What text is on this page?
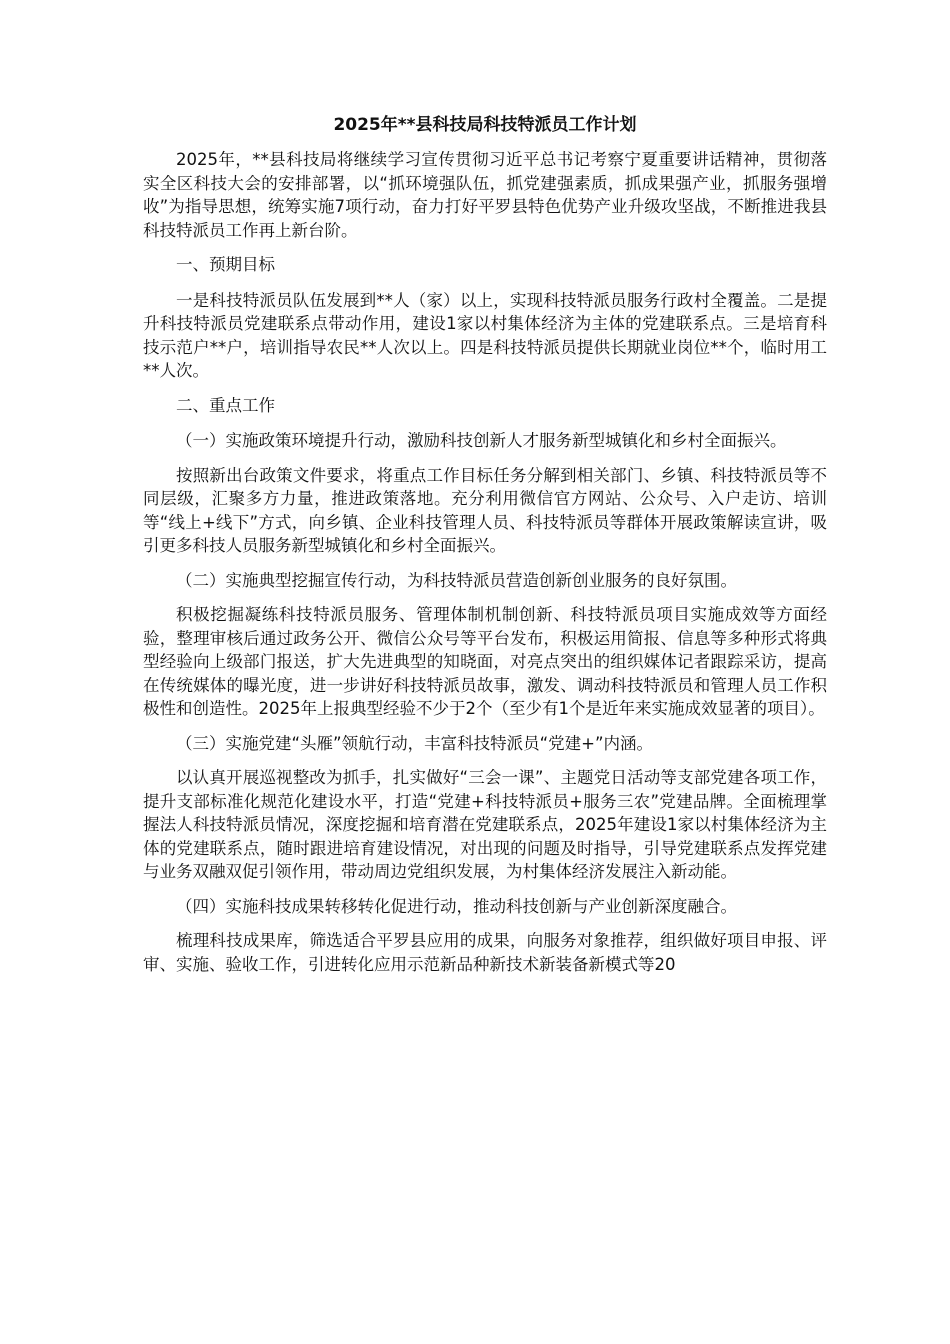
2025年**县科技局科技特派员工作计划

2025年，**县科技局将继续学习宣传贯彻习近平总书记考察宁夏重要讲话精神，贯彻落实全区科技大会的安排部署，以“抓环境强队伍，抓党建强素质，抓成果强产业，抓服务强增收”为指导思想，统筹实施7项行动，奋力打好平罗县特色优势产业升级攻坚战，不断推进我县科技特派员工作再上新台阶。

一、预期目标

一是科技特派员队伍发展到**人（家）以上，实现科技特派员服务行政村全覆盖。二是提升科技特派员党建联系点带动作用，建设1家以村集体经济为主体的党建联系点。三是培育科技示范户**户，培训指导农民**人次以上。四是科技特派员提供长期就业岗位**个，临时用工**人次。

二、重点工作

（一）实施政策环境提升行动，激励科技创新人才服务新型城镇化和乡村全面振兴。

按照新出台政策文件要求，将重点工作目标任务分解到相关部门、乡镇、科技特派员等不同层级，汇聚多方力量，推进政策落地。充分利用微信官方网站、公众号、入户走访、培训等“线上+线下”方式，向乡镇、企业科技管理人员、科技特派员等群体开展政策解读宣讲，吸引更多科技人员服务新型城镇化和乡村全面振兴。

（二）实施典型挖掘宣传行动，为科技特派员营造创新创业服务的良好氛围。

积极挖掘凝练科技特派员服务、管理体制机制创新、科技特派员项目实施成效等方面经验，整理审核后通过政务公开、微信公众号等平台发布，积极运用简报、信息等多种形式将典型经验向上级部门报送，扩大先进典型的知晓面，对亮点突出的组织媒体记者跟踪采访，提高在传统媒体的曝光度，进一步讲好科技特派员故事，激发、调动科技特派员和管理人员工作积极性和创造性。2025年上报典型经验不少于2个（至少有1个是近年来实施成效显著的项目）。

（三）实施党建“头雁”领航行动，丰富科技特派员“党建+”内涵。

以认真开展巡视整改为抓手，扎实做好“三会一课”、主题党日活动等支部党建各项工作，提升支部标准化规范化建设水平，打造“党建+科技特派员+服务三农”党建品牌。全面梳理掌握法人科技特派员情况，深度挖掘和培育潜在党建联系点，2025年建设1家以村集体经济为主体的党建联系点，随时跟进培育建设情况，对出现的问题及时指导，引导党建联系点发挥党建与业务双融双促引领作用，带动周边党组织发展，为村集体经济发展注入新动能。

（四）实施科技成果转移转化促进行动，推动科技创新与产业创新深度融合。

梳理科技成果库，筛选适合平罗县应用的成果，向服务对象推荐，组织做好项目申报、评审、实施、验收工作，引进转化应用示范新品种新技术新装备新模式等20
